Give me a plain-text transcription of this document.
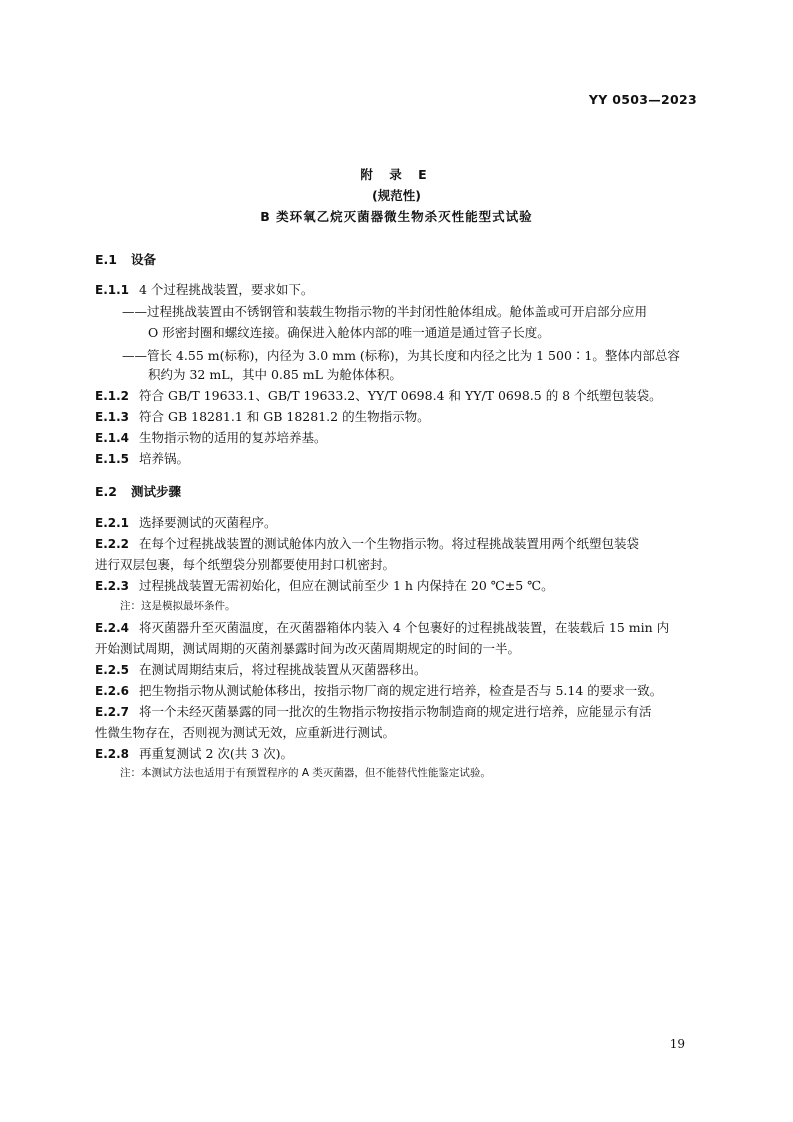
YY 0503—2023
附 录 E
(规范性)
B 类环氧乙烷灭菌器微生物杀灭性能型式试验
E.1 设备
E.1.1 4 个过程挑战装置，要求如下。
——过程挑战装置由不锈钢管和装载生物指示物的半封闭性舱体组成。舱体盖或可开启部分应用
O 形密封圈和螺纹连接。确保进入舱体内部的唯一通道是通过管子长度。
——管长 4.55 m(标称)，内径为 3.0 mm (标称)，为其长度和内径之比为 1 500∶1。整体内部总容
积约为 32 mL，其中 0.85 mL 为舱体体积。
E.1.2 符合 GB/T 19633.1、GB/T 19633.2、YY/T 0698.4 和 YY/T 0698.5 的 8 个纸塑包装袋。
E.1.3 符合 GB 18281.1 和 GB 18281.2 的生物指示物。
E.1.4 生物指示物的适用的复苏培养基。
E.1.5 培养锅。
E.2 测试步骤
E.2.1 选择要测试的灭菌程序。
E.2.2 在每个过程挑战装置的测试舱体内放入一个生物指示物。将过程挑战装置用两个纸塑包装袋
进行双层包裹，每个纸塑袋分别都要使用封口机密封。
E.2.3 过程挑战装置无需初始化，但应在测试前至少 1 h 内保持在 20 ℃±5 ℃。
注：这是模拟最坏条件。
E.2.4 将灭菌器升至灭菌温度，在灭菌器箱体内装入 4 个包裹好的过程挑战装置，在装载后 15 min 内
开始测试周期，测试周期的灭菌剂暴露时间为改灭菌周期规定的时间的一半。
E.2.5 在测试周期结束后，将过程挑战装置从灭菌器移出。
E.2.6 把生物指示物从测试舱体移出，按指示物厂商的规定进行培养，检查是否与 5.14 的要求一致。
E.2.7 将一个未经灭菌暴露的同一批次的生物指示物按指示物制造商的规定进行培养，应能显示有活
性微生物存在，否则视为测试无效，应重新进行测试。
E.2.8 再重复测试 2 次(共 3 次)。
注：本测试方法也适用于有预置程序的 A 类灭菌器，但不能替代性能鉴定试验。
19
